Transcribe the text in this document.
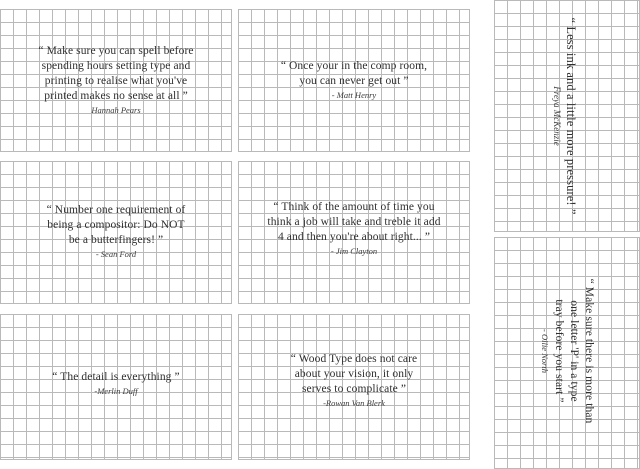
“ Make sure you can spell before
spending hours setting type and
printing to realise what you've
printed makes no sense at all ”
Hannah Pears
“ Once your in the comp room,
you can never get out ”
- Matt Henry	“ Less ink and a little more pressure! ”
Freya McKenzie
“ Number one requirement of
being a compositor: Do NOT
be a butterfingers! ”
- Sean Ford
“ Think of the amount of time you
think a job will take and treble it add
4 and then you're about right... ”
- Jim Clayton
“ Make sure there is more than
one letter 'P' in a type
tray before you start ”
- Ollie North
“ The detail is everything ”
-Merlin Duff
“ Wood Type does not care
about your vision, it only
serves to complicate ”
-Rowan Van Blerk
